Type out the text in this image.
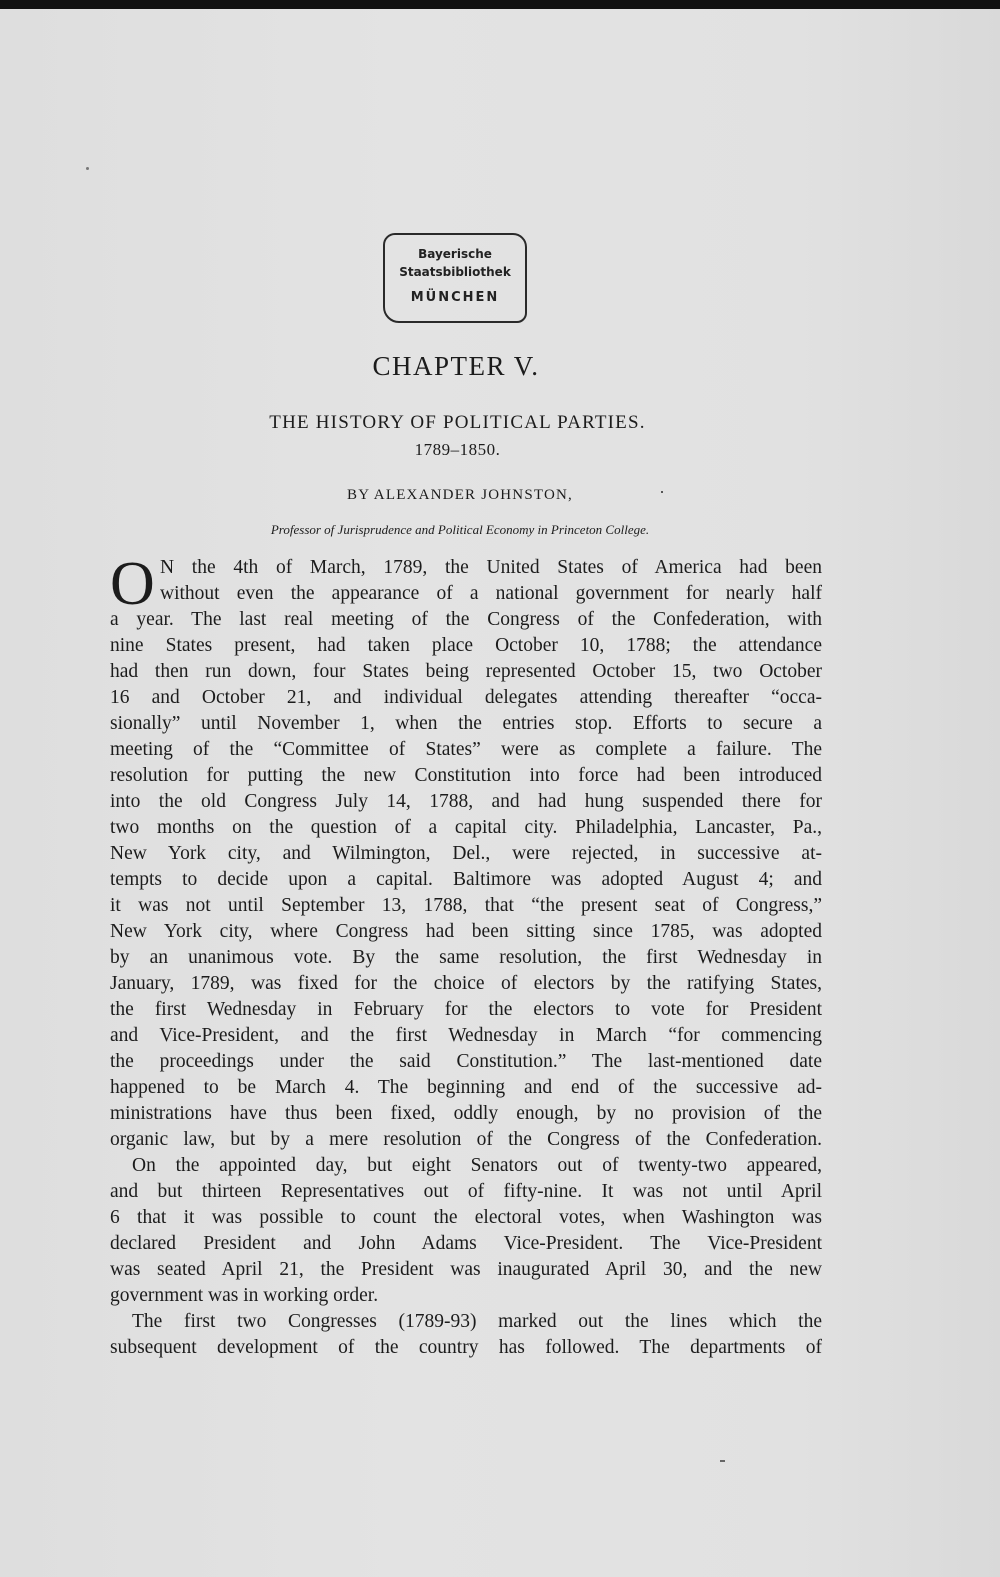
Bayerische
Staatsbibliothek
MÜNCHEN
CHAPTER V.
THE HISTORY OF POLITICAL PARTIES.
1789–1850.
BY ALEXANDER JOHNSTON,
Professor of Jurisprudence and Political Economy in Princeton College.
O N the 4th of March, 1789, the United States of America had been
without even the appearance of a national government for nearly half
a year. The last real meeting of the Congress of the Confederation, with
nine States present, had taken place October 10, 1788; the attendance
had then run down, four States being represented October 15, two October
16 and October 21, and individual delegates attending thereafter “occa-
sionally” until November 1, when the entries stop. Efforts to secure a
meeting of the “Committee of States” were as complete a failure. The
resolution for putting the new Constitution into force had been introduced
into the old Congress July 14, 1788, and had hung suspended there for
two months on the question of a capital city. Philadelphia, Lancaster, Pa.,
New York city, and Wilmington, Del., were rejected, in successive at-
tempts to decide upon a capital. Baltimore was adopted August 4; and
it was not until September 13, 1788, that “the present seat of Congress,”
New York city, where Congress had been sitting since 1785, was adopted
by an unanimous vote. By the same resolution, the first Wednesday in
January, 1789, was fixed for the choice of electors by the ratifying States,
the first Wednesday in February for the electors to vote for President
and Vice-President, and the first Wednesday in March “for commencing
the proceedings under the said Constitution.” The last-mentioned date
happened to be March 4. The beginning and end of the successive ad-
ministrations have thus been fixed, oddly enough, by no provision of the
organic law, but by a mere resolution of the Congress of the Confederation.
On the appointed day, but eight Senators out of twenty-two appeared,
and but thirteen Representatives out of fifty-nine. It was not until April
6 that it was possible to count the electoral votes, when Washington was
declared President and John Adams Vice-President. The Vice-President
was seated April 21, the President was inaugurated April 30, and the new
government was in working order.
The first two Congresses (1789-93) marked out the lines which the
subsequent development of the country has followed. The departments of
